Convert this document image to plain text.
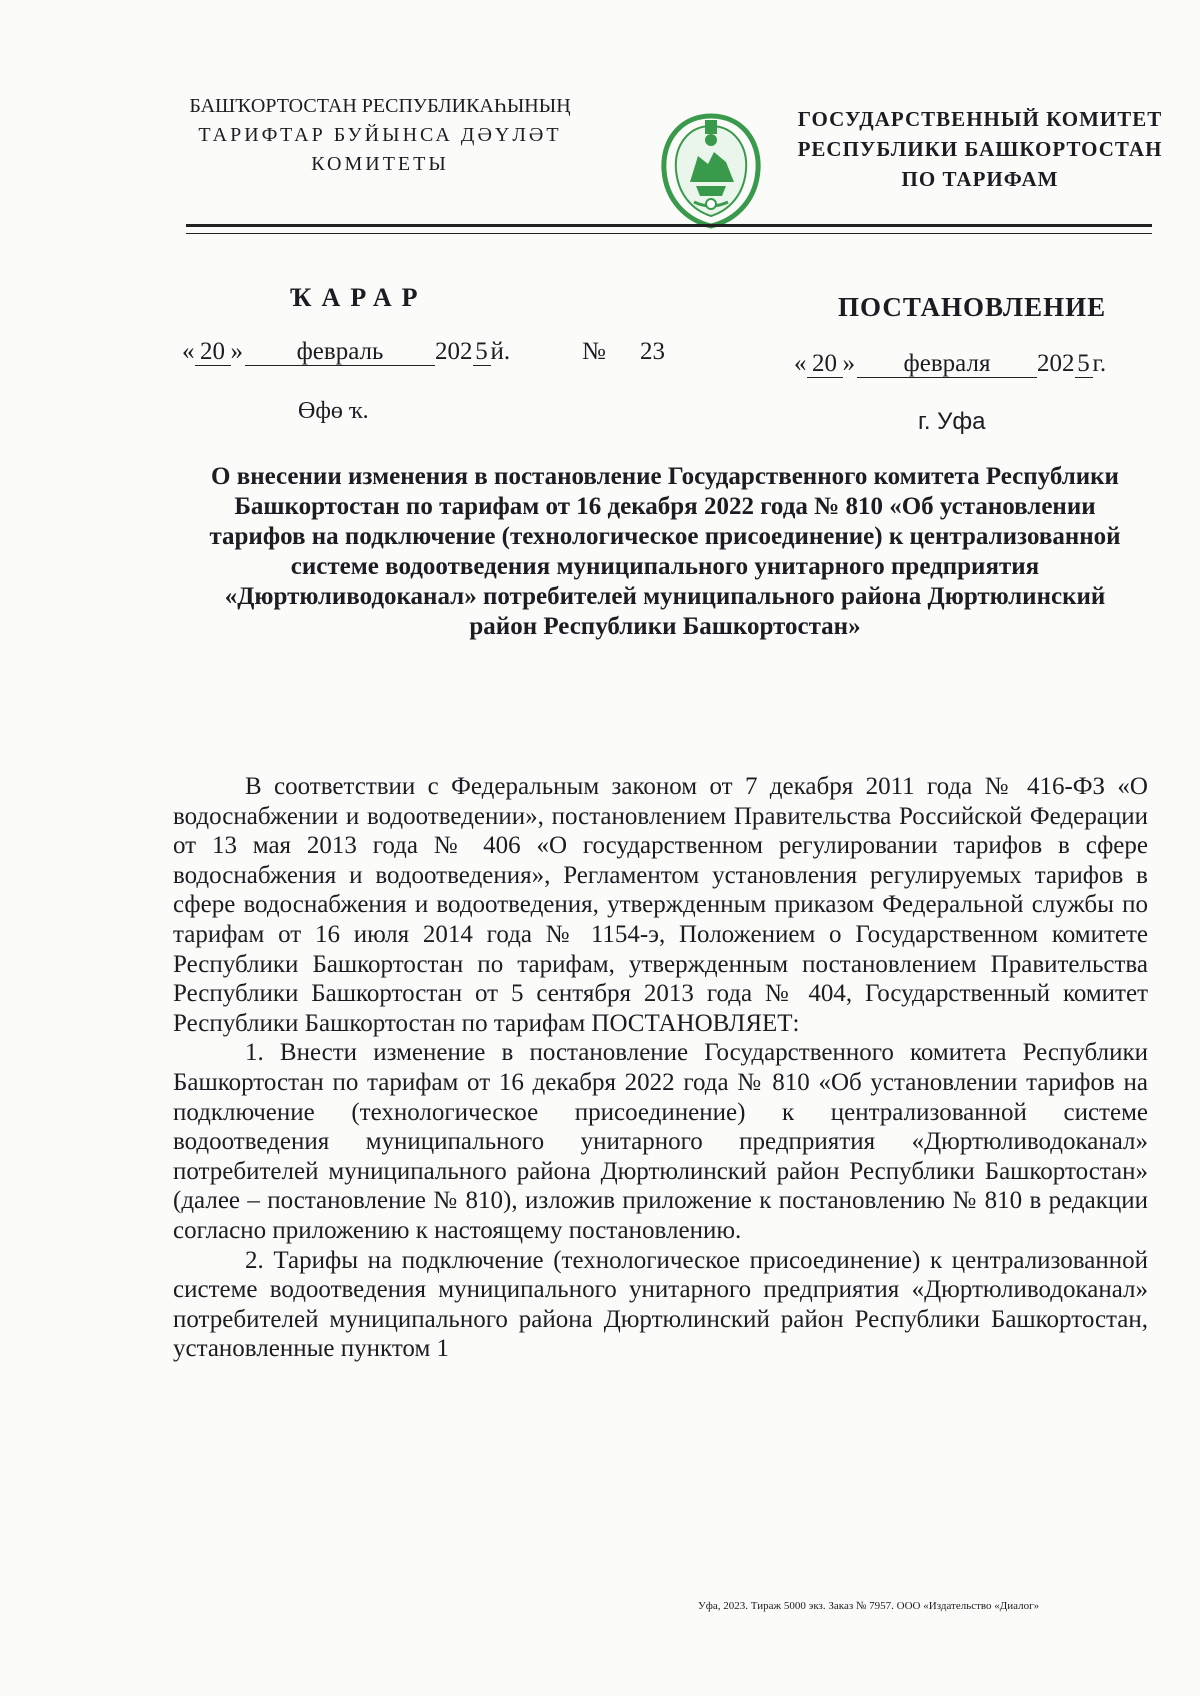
БАШҠОРТОСТАН РЕСПУБЛИКАҺЫНЫҢ
ТАРИФТАР БУЙЫНСА ДӘҮЛӘТ
КОМИТЕТЫ
ГОСУДАРСТВЕННЫЙ КОМИТЕТ
РЕСПУБЛИКИ БАШКОРТОСТАН
ПО ТАРИФАМ
ҠАРАР
« 20 » февраль 202 5 й.	№ 23
Өфө ҡ.
ПОСТАНОВЛЕНИЕ
« 20 » февраля 202 5 г.
г. Уфа
О внесении изменения в постановление Государственного комитета Республики Башкортостан по тарифам от 16 декабря 2022 года № 810 «Об установлении тарифов на подключение (технологическое присоединение) к централизованной системе водоотведения муниципального унитарного предприятия «Дюртюливодоканал» потребителей муниципального района Дюртюлинский район Республики Башкортостан»

В соответствии с Федеральным законом от 7 декабря 2011 года № 416-ФЗ «О водоснабжении и водоотведении», постановлением Правительства Российской Федерации от 13 мая 2013 года № 406 «О государственном регулировании тарифов в сфере водоснабжения и водоотведения», Регламентом установления регулируемых тарифов в сфере водоснабжения и водоотведения, утвержденным приказом Федеральной службы по тарифам от 16 июля 2014 года № 1154-э, Положением о Государственном комитете Республики Башкортостан по тарифам, утвержденным постановлением Правительства Республики Башкортостан от 5 сентября 2013 года № 404, Государственный комитет Республики Башкортостан по тарифам ПОСТАНОВЛЯЕТ:

1. Внести изменение в постановление Государственного комитета Республики Башкортостан по тарифам от 16 декабря 2022 года № 810 «Об установлении тарифов на подключение (технологическое присоединение) к централизованной системе водоотведения муниципального унитарного предприятия «Дюртюливодоканал» потребителей муниципального района Дюртюлинский район Республики Башкортостан» (далее – постановление № 810), изложив приложение к постановлению № 810 в редакции согласно приложению к настоящему постановлению.

2. Тарифы на подключение (технологическое присоединение) к централизованной системе водоотведения муниципального унитарного предприятия «Дюртюливодоканал» потребителей муниципального района Дюртюлинский район Республики Башкортостан, установленные пунктом 1

Уфа, 2023. Тираж 5000 экз. Заказ № 7957. ООО «Издательство «Диалог»
